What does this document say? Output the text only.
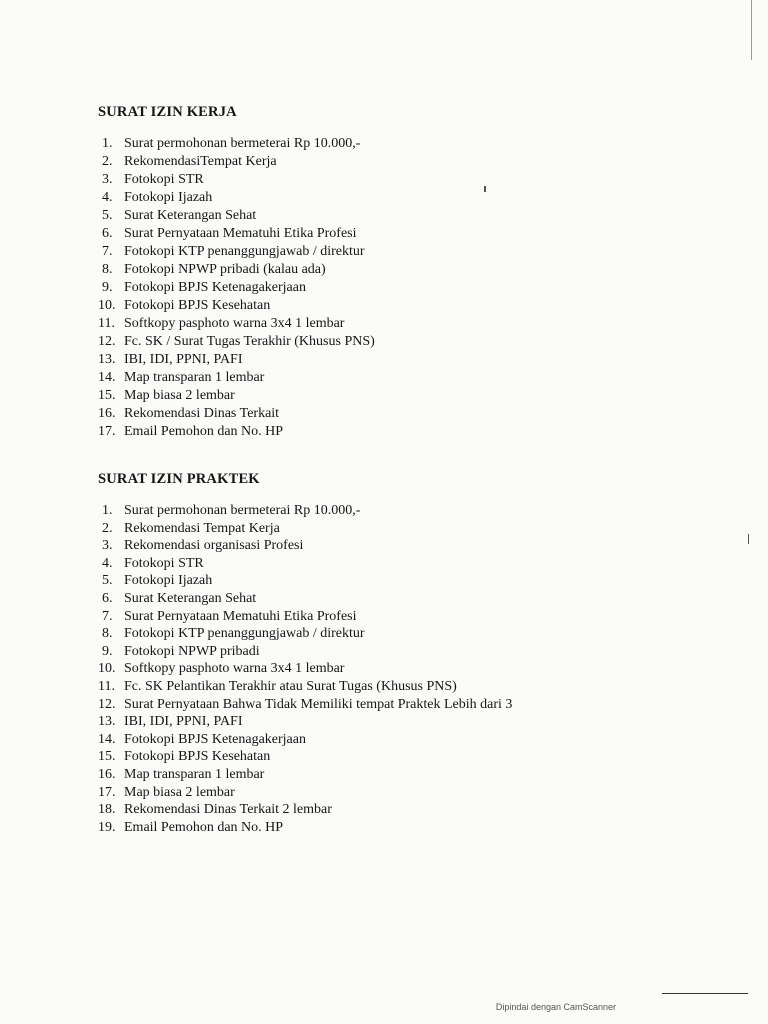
SURAT IZIN KERJA
1. Surat permohonan bermeterai Rp 10.000,-
2. RekomendasiTempat Kerja
3. Fotokopi STR
4. Fotokopi Ijazah
5. Surat Keterangan Sehat
6. Surat Pernyataan Mematuhi Etika Profesi
7. Fotokopi KTP penanggungjawab / direktur
8. Fotokopi NPWP pribadi (kalau ada)
9. Fotokopi BPJS Ketenagakerjaan
10. Fotokopi BPJS Kesehatan
11. Softkopy pasphoto warna 3x4 1 lembar
12. Fc. SK / Surat Tugas Terakhir (Khusus PNS)
13. IBI, IDI, PPNI, PAFI
14. Map transparan 1 lembar
15. Map biasa 2 lembar
16. Rekomendasi Dinas Terkait
17. Email Pemohon dan No. HP
SURAT IZIN PRAKTEK
1. Surat permohonan bermeterai Rp 10.000,-
2. Rekomendasi Tempat Kerja
3. Rekomendasi organisasi Profesi
4. Fotokopi STR
5. Fotokopi Ijazah
6. Surat Keterangan Sehat
7. Surat Pernyataan Mematuhi Etika Profesi
8. Fotokopi KTP penanggungjawab / direktur
9. Fotokopi NPWP pribadi
10. Softkopy pasphoto warna 3x4 1 lembar
11. Fc. SK Pelantikan Terakhir atau Surat Tugas (Khusus PNS)
12. Surat Pernyataan Bahwa Tidak Memiliki tempat Praktek Lebih dari 3
13. IBI, IDI, PPNI, PAFI
14. Fotokopi BPJS Ketenagakerjaan
15. Fotokopi BPJS Kesehatan
16. Map transparan 1 lembar
17. Map biasa 2 lembar
18. Rekomendasi Dinas Terkait 2 lembar
19. Email Pemohon dan No. HP
Dipindai dengan CamScanner
